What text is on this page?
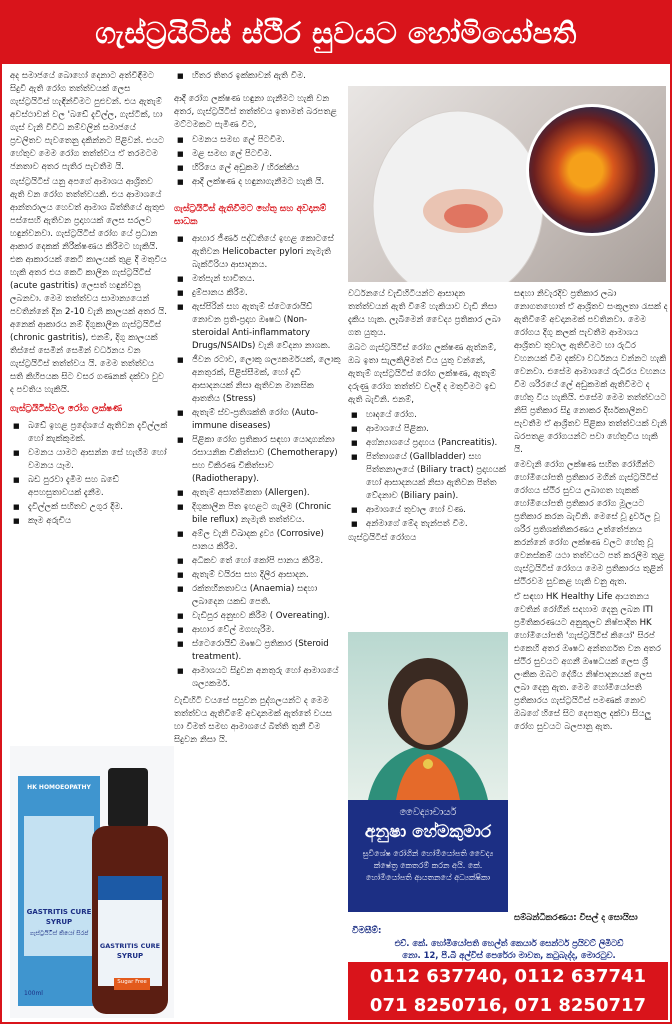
ගැස්ට්‍රයිටිස් ස්ථිර සුවයට හෝමියෝපති

අද සමාජයේ බොහෝ දෙනාට අත්විඳීමට සිදුවී ඇති රෝග තත්ත්වයක් ලෙස ගැස්ට්‍රයිටිස් හැඳින්වීමට පුළුවන්. එය ඇතැම් අවස්ථාවන් වල 'බඩේ දැවිල්ල, ගැස්ටික්, හා ගැස් වැනි විවිධ නම්වලින් සමාජයේ ප්‍රචලිතව පැවතෙනු දකින්නට පිළිවන්. එයට හේතුව මෙම රෝග තත්ත්වය ඒ තරමටම ජනතාව අතර පැතිර පැවතීම යි.

ගැස්ට්‍රයිටිස් යනු අපගේ ආමාශය ආශ්‍රිතව ඇති වන රෝග තත්ත්වයකි. එය ආමාශයේ ආන්තරාලය හෙවත් ආමාශ බිත්තියේ ඇතුළු පස්සෙහි ඇතිවන ප්‍රදාහයක් ලෙස සරලව හඳුන්වනවා. ගැස්ට්‍රයිටිස් රෝග යේ ප්‍රධාන ආකාර දෙකක් නිරීක්ෂණය කිරීමට හැකියි. එක ආකාරයක් කෙටි කාලයක් තුළ දී මතුවිය හැකි අතර එය කෙටි කාලීන ගැස්ට්‍රයිටිස් (acute gastritis) ලෙසත් හඳුන්වනු ලබනවා. මෙම තත්ත්වය සාමාන්‍යයෙන් පවතින්නේ දින 2-10 වැනි කාලයක් අතර යි. අනෙක් ආකාරය නම් දිගුකාලීන ගැස්ට්‍රයිටිස් (chronic gastritis), එනම්, දිගු කාලයක් තිස්සේ සෙමින් සෙමින් වර්ධනය වන ගැස්ට්‍රයිටිස් තත්ත්වය යි. මෙම තත්ත්වය සති කිහිපයක සිට වසර ගණනක් දක්වා වුව ද පවතිය හැකියි.

ගැස්ට්‍රයිටිස්වල රෝග ලක්ෂණ
■ බඩේ ඉහළ ප්‍රදේශයේ ඇතිවන දැවිල්ලක් හෝ කැක්කුමක්.
■ වමනය යාමට ආසන්න සේ හැඟීම හෝ වමනය යෑම.
■ බඩ පුරවා දැමීම සහ බඩේ අපහසුතාවයක් දැනීම.
■ දැවිල්ලක් සහිතව උගුර දීම.
■ කෑම අරුචිය
■ හිතර තිතර ඉක්කාවන් ඇති වීම.

ආදී රෝග ලක්ෂණ හඳුනා ගැනීමට හැකි වන අතර, ගැස්ට්‍රයිටිස් තත්ත්වය ඉතාමත් බරපතළ මට්ටමකට පැමිණ විට,

■ වමනය සමඟ ලේ පිටවීම.
■ මළ සමඟ ලේ පිටවීම.
■ හිරියෙ ලේ අඩුකම / හිරක්කිය
■ ආදී ලක්ෂණ ද හඳුනාගැනීමට හැකි යි.
ගැස්ට්‍රයිටිස් ඇතිවීමට හේතු සහ අවදානම් සාධක
■ ආහාර ජීර්ණ පද්ධතියේ ඉහළ කොටසේ ඇතිවන Helicobacter pylori නැමැති බැක්ටීරියා ආසාදනය.
■ මත්පැන් භාවිතය.
■ දුම්පානය කිරීම.
■ ඇස්පිරින් සහ ඇතැම් ස්ටෙරොයිඩ් නොවන ප්‍රති-ප්‍රදාහ ඖෂධ (Non-steroidal Anti-inflammatory Drugs/NSAIDs) වැනි වේදනා නාශක.
■ ජීවන රටාව, ලොකු ශල්‍යකර්මයක්, ලොකු අනතුරක්, පිළිස්සීමක්, හෝ දැඩි ආසාදනයක් නිසා ඇතිවන මානසික ආතතිය (Stress)
■ ඇතැම් ස්ව-ප්‍රතිශක්ති රෝග (Auto-immune diseases)
■ පිළිකා රෝග ප්‍රතිකාර සඳහා යොදාගන්නා රසායනික චිකිත්සාව (Chemotherapy) සහ විකිරණ චිකිත්සාව (Radiotherapy).
■ ඇතැම් අසාත්මිකතා (Allergen).
■ දිගුකාලීන පිත ඉහළට ගැලීම (Chronic bile reflux) නැමැති තත්ත්වය.
■ අම්ල වැනි විඛාදක ද්‍රව්‍ය (Corrosive) පානය කිරීම.
■ අධිකව තේ හෝ කෝපි පානය කිරීම.
■ ඇතැම් වයිරස සහ ‍දිලීර ආසාදන.
■ රක්තහීනතාවය (Anaemia) සඳහා ලබාදෙන යකඩ පෙති.
■ වැඩිපුර අනුභව කිරීම ( Overeating).
■ ආහාර වේල් මගහැරීම.
■ ස්ටෙරොයිඩ් ඖෂධ ප්‍රතිකාර (Steroid treatment).
■ ආමාශයට සිදුවන අනතුරු හෝ ආමාශයේ ශල්‍යකර්ම.

වැඩිහිටි වයසේ පසුවන පුද්ගලයන්ට ද මෙම තත්ත්වය ඇතිවීමේ අවදානමක් ඇත්තේ වයස හා වීමත් සමඟ ආමාශයේ බිත්ති තුනී වීම සිදුවන නිසා යි.

වර්ධනයේ වැඩිහිටියන්ට ආසාදන තත්ත්වයන් ඇති වීමේ හැකියාව වැඩි නිසා දැකිය හැක. ලැබීමෙන් වෛද්‍ය ප්‍රතිකාර ලබා ගත යුතුය.

ඔබට ගැස්ට්‍රයිටිස් රෝග ලක්ෂණ ඇත්නම්, ඔබ ඉතා සැලකිලිමත් විය යුතු වන්නේ, ඇතැම් ගැස්ට්‍රයිටිස් රෝග ලක්ෂණ, ඇතැම් දරුණු රෝග තත්ත්ව වලදී ද මතුවීමට ඉඩ ඇති බැවිනි. එනම්,

■ හෘදයේ රෝග.
■ ආමාශයේ පිළිකා.
■ අග්න්‍යාශයේ ප්‍රදාහය (Pancreatitis).
■ පිත්තාශයේ (Gallbladder) සහ පිත්තනාලයේ (Biliary tract) ප්‍රදාහයක් හෝ ආසාදනයක් නිසා ඇතිවන පිත්ත වේදනාව (Biliary pain).
■ ආමාශයේ තුවාල හෝ වණ.
■ අන්මාගේ මේද තැන්පත් වීම.

ගැස්ට්‍රයිටිස් රෝගය

සඳහා නිවැරදිව ප්‍රතිකාර ලබා නොගතහොත් ඒ ආශ්‍රිතව සංකූලතා රැසක් ද ඇතිවීමේ අවදානමක් පවතිනවා. මෙම රෝගය දිගු කලක් පැවතීම ආමාශය ආශ්‍රිතව තුවාල ඇතිවීමට හා රුධිර වහනයක් වීම දක්වා වර්ධනය වන්නට හැකි වෙනවා. එසේම ආමාශයේ රුධිරය වහනය වීම ශරීරයේ ලේ අඩුකමක් ඇතිවීමට ද හේතු විය හැකියි. එසේම මෙම තත්ත්වයට නිසි ප්‍රතිකාර සිදු නොකර දීර්ඝකාලීනව පැවතීම ඒ ආශ්‍රිතව පිළිකා තත්ත්වයක් වැනි බරපතළ රෝගයන්ට පවා හේතුවිය හැකි යි.

මෙවැනි රෝග ලක්ෂණ සහිත රෝගීන්ට හෝමියෝපති ප්‍රතිකාර මගින් ගැස්ට්‍රයිටිස් රෝගය ස්ථිර සුවය ලබාගත හැකක් හෝමියෝපති ප්‍රතිකාර රෝග මූලයට ප්‍රතිකාර කරන බැවිනි. මෙසේ වූ දුර්වල වූ ශරීර ප්‍රතිශක්තිකරණය උත්තේජනය කරන්නේ රෝග ලක්ෂණ වලට හේතු වූ වෙනස්කම් යථා තත්වයට පත් කරලීම තුළ ගැස්ට්‍රයිටිස් රෝගය මෙම ප්‍රතිකාරය තුළින් ස්ථිරවම සුවකළ හැකි වනු ඇත.

ඒ සඳහා HK Healthy Life ආයතනය වෙතින් රෝගීන් සදහාම දෙනු ලබන ITI ප්‍රමිතිකරණයට අනුකූලව නිෂ්පාදිත HK හෝමියෝපති 'ගැස්ට්‍රයිටිස් කියෝ' සිරප් එකෙහි අතර ඖෂධ අන්තර්ගත වන අතර ස්ථිර සුවයට අගනී ඖෂධයක් ලෙස ශ්‍රී ලංකික ඔබට දේශීය නිෂ්පාදනයක් ලෙස ලබා දෙනු ඇත. මෙම හෝමියෝපති ප්‍රතිකාරය ගැස්ට්‍රයිටිස් පමණක් නොව ඔබගේ හිසේ සිට දෙපතුල දක්වා සියලු රෝග සුවයට බලපානු ඇත.

වෛද්‍යාචාර්ය
අනුෂා හේමකුමාර
සුවිශේෂ රෝගින් හෝමියෝපති වෛද්‍ය ක්ෂේත්‍ර කෙතරම් කරන අයි. කේ. හෝමියෝපති ආයතනයේ අධ්‍යක්ෂිකා
සම්බන්ධීකරණය: විසල් ද සොයිසා
HK HOMOEOPATHY
GASTRITIS CURE
SYRUP
ගැස්ට්‍රයිටිස් කියෝ සිරප්
100ml
GASTRITIS CURE
SYRUP
Sugar Free
විමසීම්:
එච්. කේ. හෝමියෝපති හෙල්ත් කෙයාර් සෙන්ටර් ප්‍රයිවට් ලිමිටඩ්
නො. 12, පී.බී අල්විස් පෙරේරා මාවත, කටුබැද්ද, මොරටුව.
0112 637740, 0112 637741
071 8250716, 071 8250717
